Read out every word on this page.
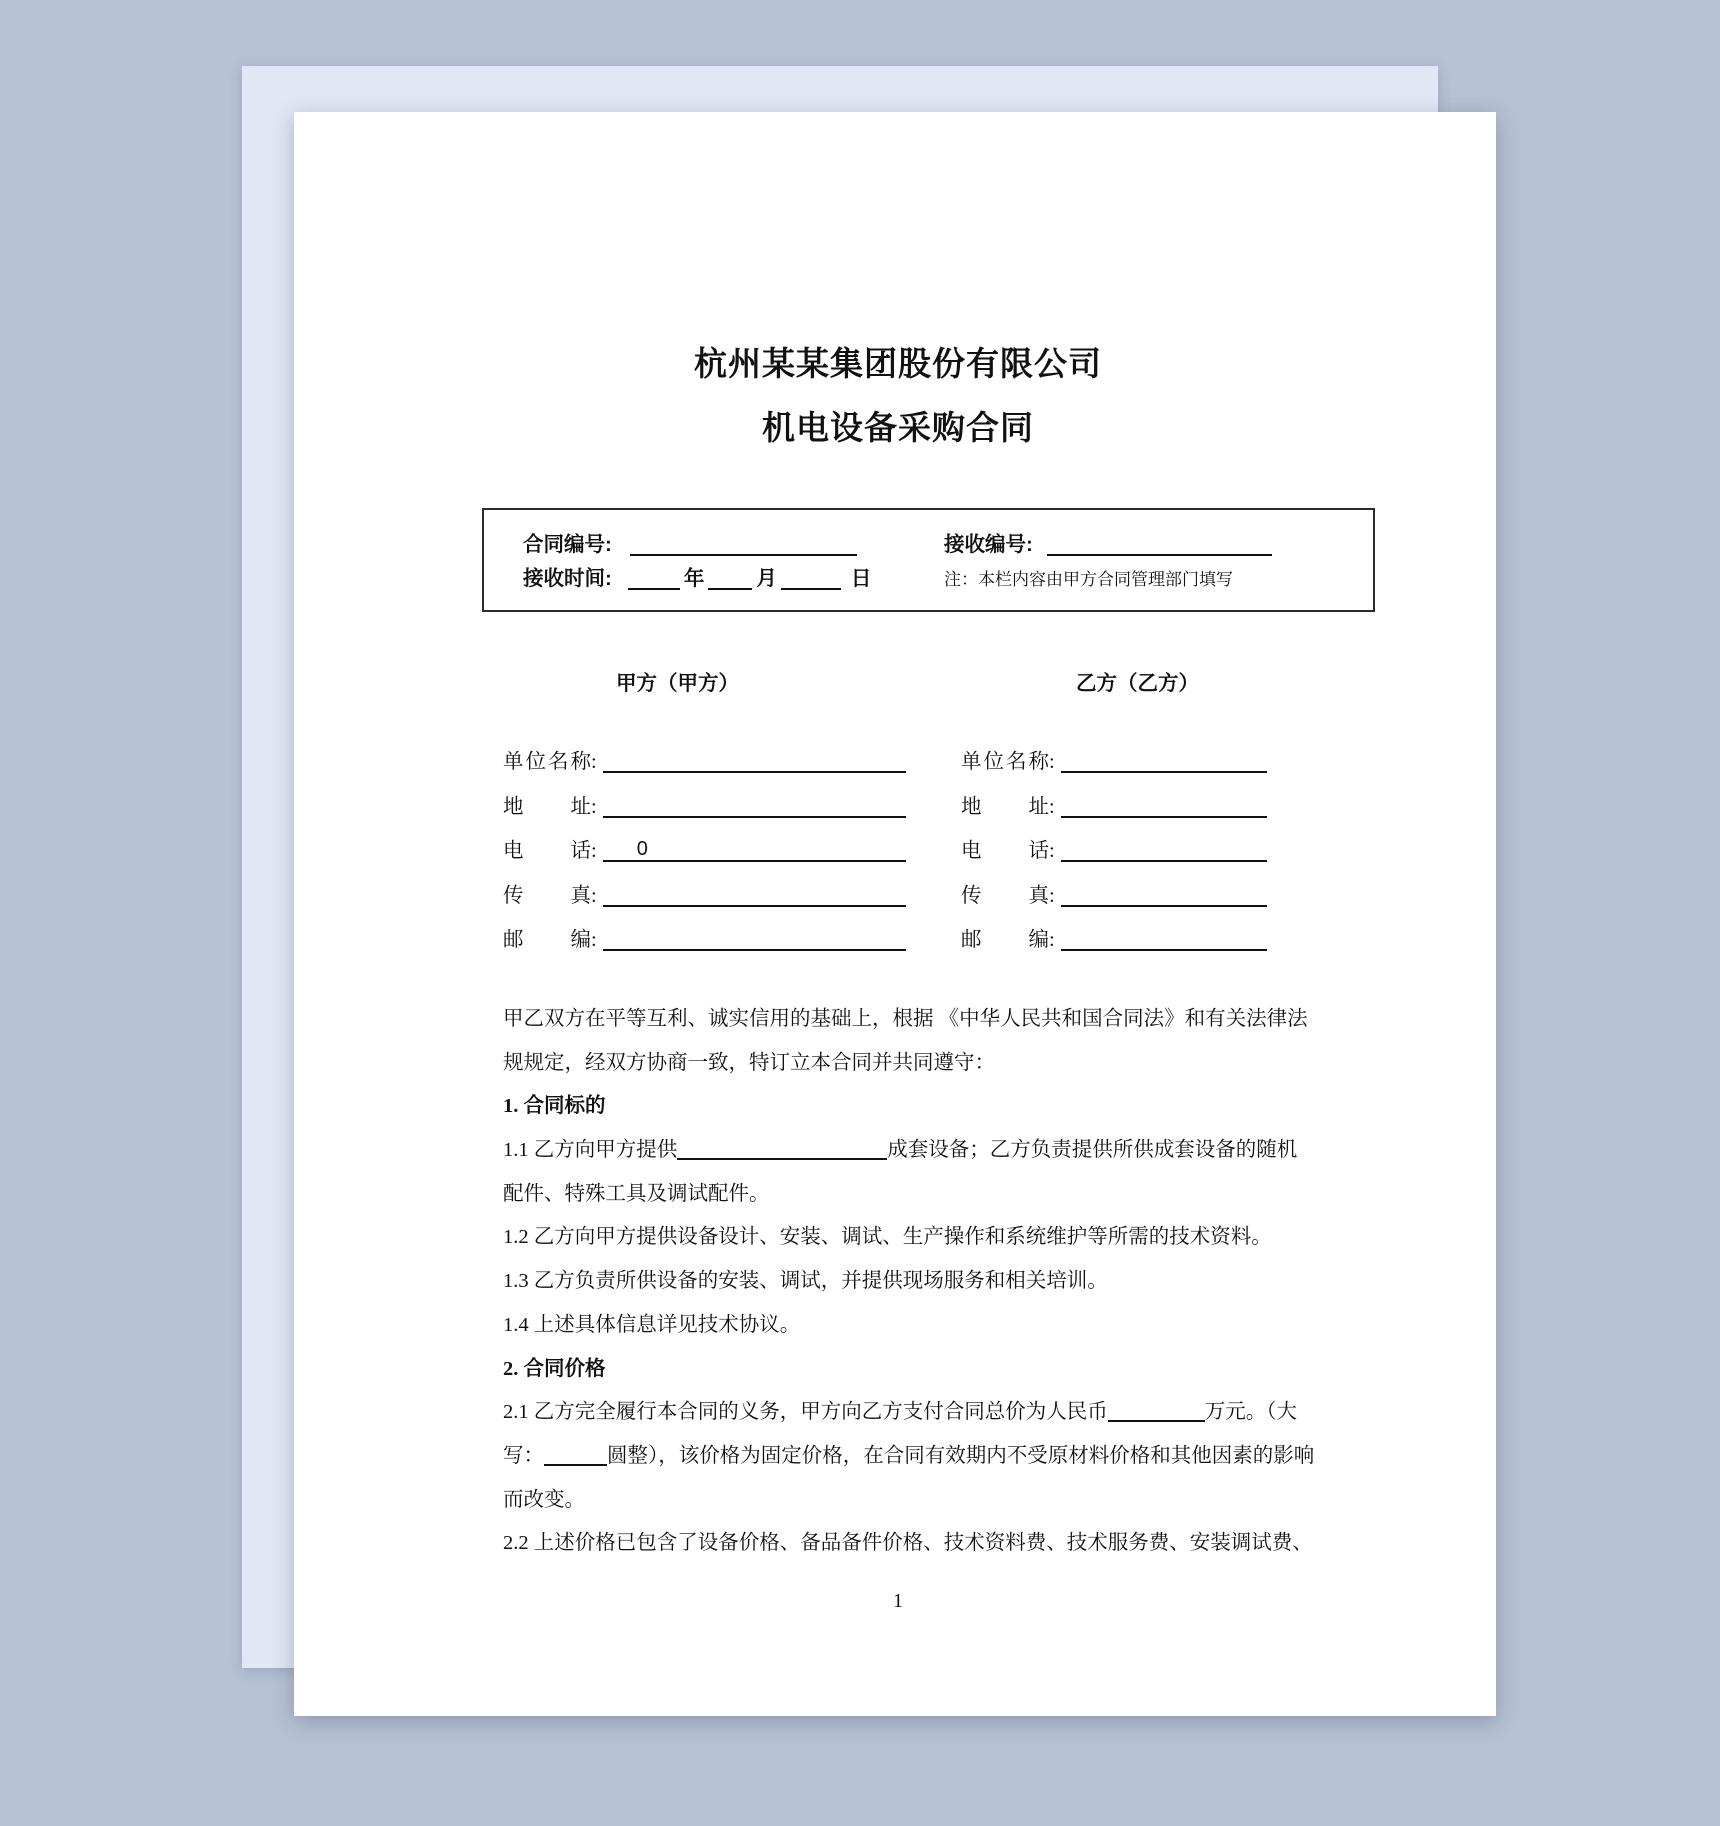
杭州某某集团股份有限公司
机电设备采购合同
合同编号:	接收编号:
接收时间:	年	月	日	注：本栏内容由甲方合同管理部门填写
甲方（甲方）	乙方（乙方）
单 位 名 称 :	单 位 名 称 :
地 址 :	地 址 :
电 话 : 0	电 话 :
传 真 :	传 真 :
邮 编 :	邮 编 :
甲乙双方在平等互利、诚实信用的基础上，根据 《中华人民共和国合同法》和有关法律法
规规定，经双方协商一致，特订立本合同并共同遵守：
1. 合同标的
1.1 乙方向甲方提供	成套设备；乙方负责提供所供成套设备的随机
配件、特殊工具及调试配件。
1.2 乙方向甲方提供设备设计、安装、调试、生产操作和系统维护等所需的技术资料。
1.3 乙方负责所供设备的安装、调试，并提供现场服务和相关培训。
1.4 上述具体信息详见技术协议。
2. 合同价格
2.1 乙方完全履行本合同的义务，甲方向乙方支付合同总价为人民币	万元。（大
写：	圆整），该价格为固定价格，在合同有效期内不受原材料价格和其他因素的影响
而改变。
2.2 上述价格已包含了设备价格、备品备件价格、技术资料费、技术服务费、安装调试费、
1
